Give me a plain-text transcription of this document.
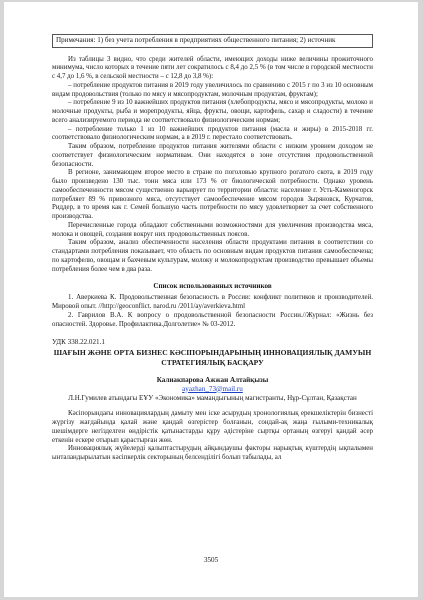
Примечания: 1) без учета потребления в предприятиях общественного питания; 2) источник

Из таблицы 3 видно, что среди жителей области, имеющих доходы ниже величины прожиточного минимума, число которых в течение пяти лет сократилось с 8,4 до 2,5 % (в том числе в городской местности с 4,7 до 1,6 %, в сельской местности – с 12,8 до 3,8 %):

– потребление продуктов питания в 2019 году увеличилось по сравнению с 2015 г по 3 из 10 основным видам продовольствия (только по мясу и мясопродуктам, молочным продуктам, фруктам);

– потребление 9 из 10 важнейших продуктов питания (хлебопродукты, мясо и мясопродукты, молоко и молочные продукты, рыба и морепродукты, яйца, фрукты, овощи, картофель, сахар и сладости) в течение всего анализируемого периода не соответствовало физиологическим нормам;

– потребление только 1 из 10 важнейших продуктов питания (масла и жиры) в 2015-2018 гг. соответствовало физиологическим нормам, а в 2019 г. перестало соответствовать.

Таким образом, потребление продуктов питания жителями области с низким уровнем доходом не соответствует физиологическим нормативам. Они находятся в зоне отсутствия продовольственной безопасности.

В регионе, занимающем второе место в стране по поголовью крупного рогатого скота, в 2019 году было произведено 130 тыс. тонн мяса или 173 % от биологической потребности. Однако уровень самообеспеченности мясом существенно варьирует по территории области: население г. Усть-Каменогорск потребляет 89 % привозного мяса, отсутствует самообеспечение мясом городов Зыряновск, Курчатов, Риддер, в то время как г. Семей большую часть потребности по мясу удовлетворяет за счет собственного производства.

Перечисленные города обладают собственными возможностями для увеличения производства мяса, молока и овощей, создания вокруг них продовольственных поясов.

Таким образом, анализ обеспеченности населения области продуктами питания в соответствии со стандартами потребления показывает, что область по основным видам продуктов питания самообеспечена; по картофелю, овощам и бахчевым культурам, молоку и молокопродуктам производство превышает объемы потребления более чем в два раза.

Список использованных источников

1. Аверкиева К. Продовольственная безопасность в России: конфликт политиков и производителей. Мировой опыт. //http://geoconflict. narod.ru /2011/ay/averkieva.html

2. Гаврилов В.А. К вопросу о продовольственной безопасности России.//Журнал: «Жизнь без опасностей. Здоровье. Профилактика.Долголетие» № 03-2012.

УДК 338.22.021.1
ШАҒЫН ЖӘНЕ ОРТА БИЗНЕС КӘСІПОРЫНДАРЫНЫҢ ИННОВАЦИЯЛЫҚ ДАМУЫН СТРАТЕГИЯЛЫҚ БАСҚАРУ
Калиакпарова Ажжан Алтайқызы
ayazhan_73@mail.ru
Л.Н.Гумилев атындағы ЕҰУ «Экономика» мамандығының магистранты, Нұр-Сұлтан, Қазақстан

Кәсіпорындағы инновациялардың дамыту мен іске асырудың хронологиялық ерекшеліктерін бизнесті жүргізу жағдайында қалай және қандай өзгерістер болғанын, сондай-ақ жаңа ғылыми-техникалық шешімдерге негізделген өндірістік қатынастарды құру әдістеріне сыртқы ортаның өзгеруі қандай әсер еткенін ескере отырып қарастырған жөн.

Инновациялық жүйелерді қалыптастырудың айқындаушы факторы нарықтық күштердің ықпалымен ынталандырылатын кәсіпкерлік секторының белсенділігі болып табылады, ал

3505
